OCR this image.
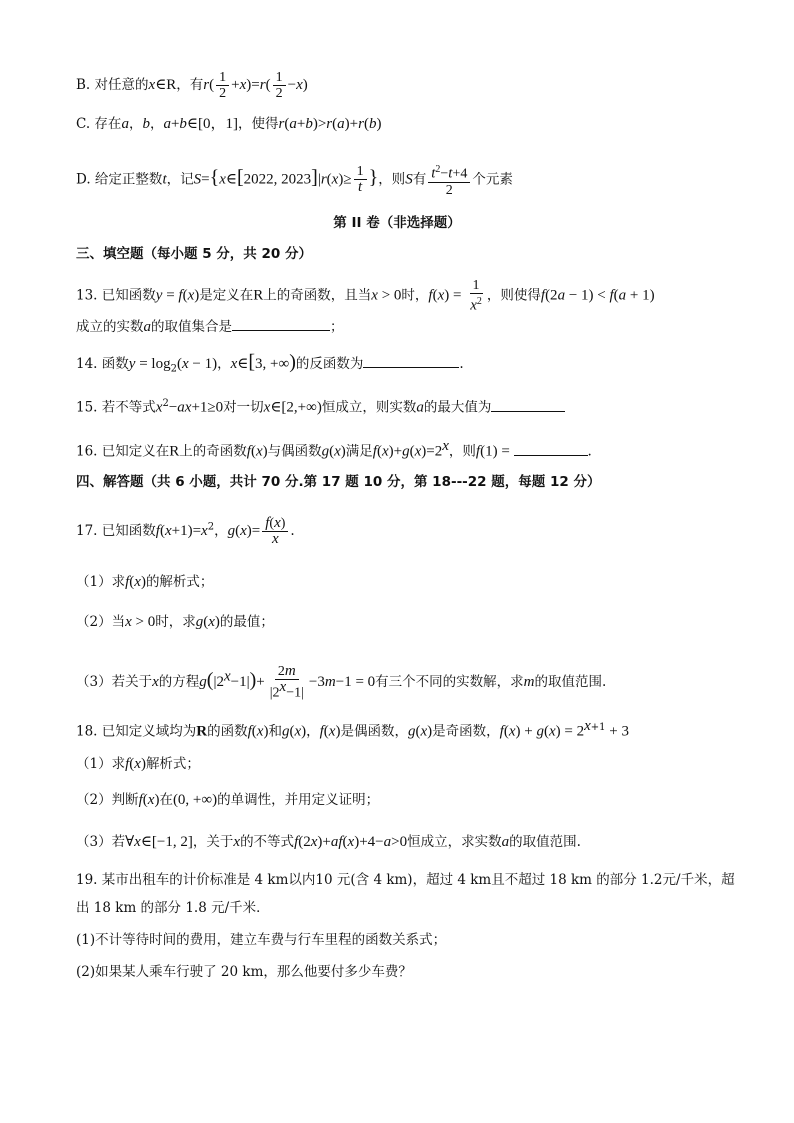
B. 对任意的x∈R，有$r( \frac{1}{2} +x)=r( \frac{1}{2} -x)$
C. 存在a，b，a+b∈[0，1]，使得r(a+b)>r(a)+r(b)
D. 给定正整数t，记S={x∈[2022, $2023]|r(x)\ge \frac{1}{t}$ }，则S有 $\frac{t^2-t+4}{2}$ 个元素
第 II 卷（非选择题）
三、填空题（每小题 5 分，共 20 分）
13. 已知函数y = f(x)是定义在R上的奇函数，且当x > 0时，$f(x) = \frac{1}{x^2}$ ，则使得f(2a − 1) < f(a + 1)
成立的实数a的取值集合是	；
14. 函数$y = \log_2(x - 1)$，x∈[3, +∞)的反函数为	.
15. 若不等式$x^2-ax+1\ge 0$对一切x∈[2,+∞)恒成立，则实数a的最大值为
16. 已知定义在R上的奇函数f(x)与偶函数g(x)满足$f(x)+g(x)=2^x$，则f(1) =	.
四、解答题（共 6 小题，共计 70 分.第 17 题 10 分，第 18---22 题，每题 12 分）
17. 已知函数$f(x+1)=x^2$，$g(x)= \frac{f(x)}{x}$ .
（1）求f(x)的解析式；
（2）当x > 0时，求g(x)的最值；
（3）若关于x的方程$g(|2^x-1|)+ \frac{2m}{|2^x-1|} -3m-1 = 0$有三个不同的实数解，求m的取值范围.
18. 已知定义域均为R的函数f(x)和g(x)，f(x)是偶函数，g(x)是奇函数，$f(x) + g(x) = 2^{x+1} + 3$
（1）求f(x)解析式；
（2）判断f(x)在(0, +∞)的单调性，并用定义证明；
（3）若∀x∈[−1, 2]，关于x的不等式f(2x)+af(x)+4−a>0恒成立，求实数a的取值范围.
19. 某市出租车的计价标准是 4 km以内10 元(含 4 km)，超过 4 km且不超过 18 km 的部分 1.2元/千米，超
出 18 km 的部分 1.8 元/千米．
(1)不计等待时间的费用，建立车费与行车里程的函数关系式；
(2)如果某人乘车行驶了 20 km，那么他要付多少车费？
